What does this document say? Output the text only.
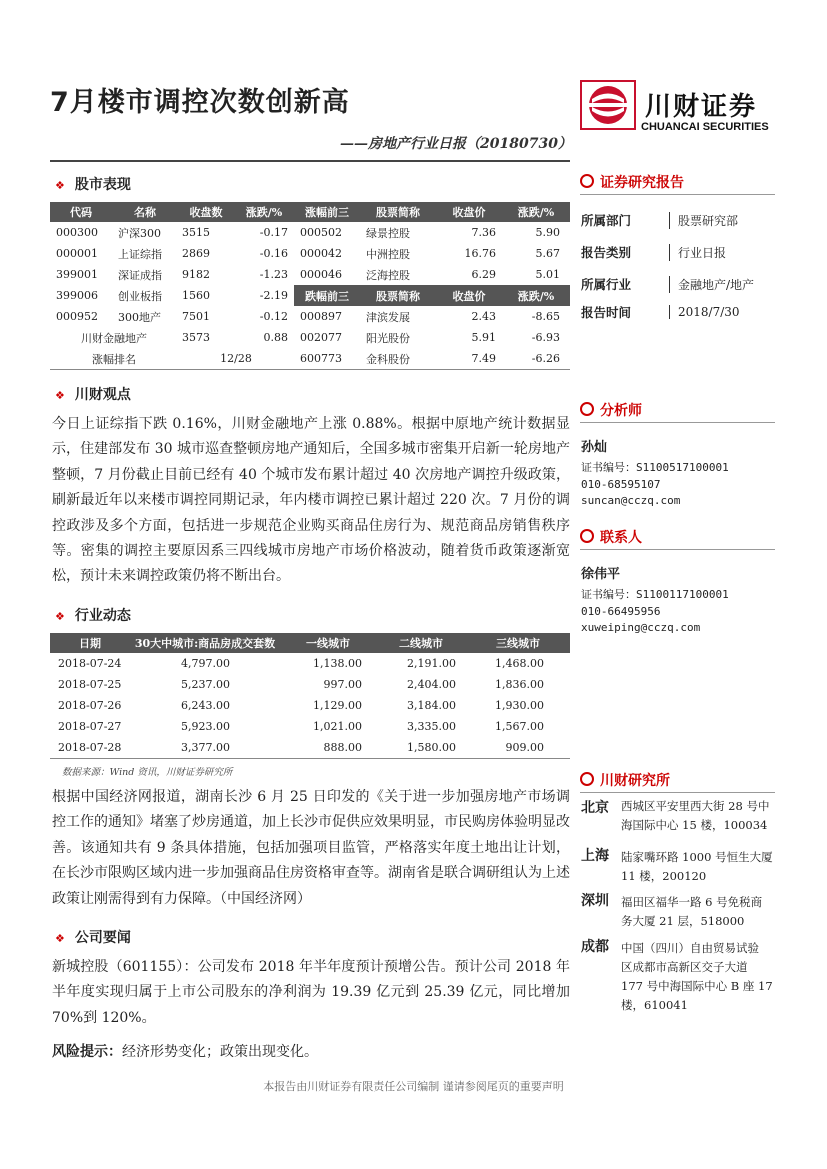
7月楼市调控次数创新高
——房地产行业日报（20180730）
川财证券
CHUANCAI SECURITIES
❖ 股市表现
代码	名称	收盘数	涨跌/%	涨幅前三	股票简称	收盘价	涨跌/%
000300	沪深300	3515	-0.17	000502	绿景控股	7.36	5.90
000001	上证综指	2869	-0.16	000042	中洲控股	16.76	5.67
399001	深证成指	9182	-1.23	000046	泛海控股	6.29	5.01
399006	创业板指	1560	-2.19	跌幅前三	股票简称	收盘价	涨跌/%
000952	300地产	7501	-0.12	000897	津滨发展	2.43	-8.65
川财金融地产		3573	0.88	002077	阳光股份	5.91	-6.93
涨幅排名		12/28		600773	金科股份	7.49	-6.26
❖ 川财观点
今日上证综指下跌 0.16%，川财金融地产上涨 0.88%。根据中原地产统计数据显示，住建部发布 30 城市巡查整顿房地产通知后，全国多城市密集开启新一轮房地产整顿，7 月份截止目前已经有 40 个城市发布累计超过 40 次房地产调控升级政策，刷新最近年以来楼市调控同期记录，年内楼市调控已累计超过 220 次。7 月份的调控政涉及多个方面，包括进一步规范企业购买商品住房行为、规范商品房销售秩序等。密集的调控主要原因系三四线城市房地产市场价格波动，随着货币政策逐渐宽松，预计未来调控政策仍将不断出台。
❖ 行业动态
日期	30大中城市:商品房成交套数	一线城市	二线城市	三线城市
2018-07-24	4,797.00	1,138.00	2,191.00	1,468.00
2018-07-25	5,237.00	997.00	2,404.00	1,836.00
2018-07-26	6,243.00	1,129.00	3,184.00	1,930.00
2018-07-27	5,923.00	1,021.00	3,335.00	1,567.00
2018-07-28	3,377.00	888.00	1,580.00	909.00
数据来源：Wind 资讯，川财证券研究所
根据中国经济网报道，湖南长沙 6 月 25 日印发的《关于进一步加强房地产市场调控工作的通知》堵塞了炒房通道，加上长沙市促供应效果明显，市民购房体验明显改善。该通知共有 9 条具体措施，包括加强项目监管，严格落实年度土地出让计划，在长沙市限购区域内进一步加强商品住房资格审查等。湖南省是联合调研组认为上述政策让刚需得到有力保障。（中国经济网）
❖ 公司要闻
新城控股（601155）：公司发布 2018 年半年度预计预增公告。预计公司 2018 年半年度实现归属于上市公司股东的净利润为 19.39 亿元到 25.39 亿元，同比增加 70%到 120%。
风险提示：经济形势变化；政策出现变化。
证券研究报告
所属部门	股票研究部
报告类别	行业日报
所属行业	金融地产/地产
报告时间	2018/7/30
分析师
孙灿
证书编号：S1100517100001
010-68595107
suncan@cczq.com
联系人
徐伟平
证书编号：S1100117100001
010-66495956
xuweiping@cczq.com
川财研究所
北京	西城区平安里西大街 28 号中
海国际中心 15 楼，100034
上海	陆家嘴环路 1000 号恒生大厦
11 楼，200120
深圳	福田区福华一路 6 号免税商
务大厦 21 层，518000
成都	中国（四川）自由贸易试验
区成都市高新区交子大道
177 号中海国际中心 B 座 17
楼，610041
本报告由川财证券有限责任公司编制 谨请参阅尾页的重要声明
